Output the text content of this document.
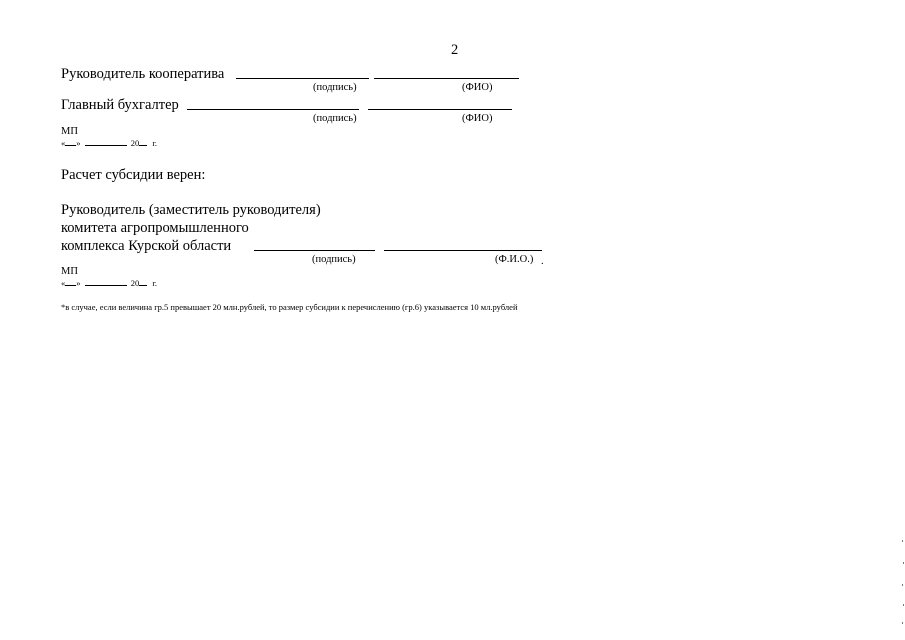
2
Руководитель кооператива
(подпись)	(ФИО)
Главный бухгалтер
(подпись)	(ФИО)
МП
« »	20 г.
Расчет субсидии верен:
Руководитель (заместитель руководителя)
комитета агропромышленного
комплекса Курской области
(подпись)	(Ф.И.О.) .
МП
« »	20 г.
*в случае, если величина гр.5 превышает 20 млн.рублей, то размер субсидии к перечислению (гр.6) указывается 10 мл.рублей
